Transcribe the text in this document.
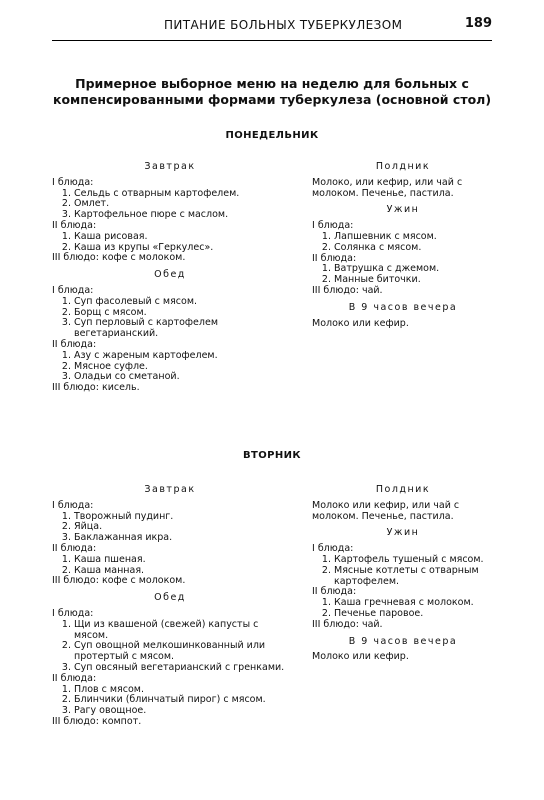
ПИТАНИЕ БОЛЬНЫХ ТУБЕРКУЛЕЗОМ	189
Примерное выборное меню на неделю для больных с компенсированными формами туберкулеза (основной стол)
ПОНЕДЕЛЬНИК
Завтрак
I блюда:
1. Сельдь с отварным картофелем.
2. Омлет.
3. Картофельное пюре с маслом.
II блюда:
1. Каша рисовая.
2. Каша из крупы «Геркулес».
III блюдо: кофе с молоком.
Обед
I блюда:
1. Суп фасолевый с мясом.
2. Борщ с мясом.
3. Суп перловый с картофелем вегетарианский.
II блюда:
1. Азу с жареным картофелем.
2. Мясное суфле.
3. Оладьи со сметаной.
III блюдо: кисель.
Полдник
Молоко, или кефир, или чай с молоком. Печенье, пастила.
Ужин
I блюда:
1. Лапшевник с мясом.
2. Солянка с мясом.
II блюда:
1. Ватрушка с джемом.
2. Манные биточки.
III блюдо: чай.
В 9 часов вечера
Молоко или кефир.
ВТОРНИК
Завтрак
I блюда:
1. Творожный пудинг.
2. Яйца.
3. Баклажанная икра.
II блюда:
1. Каша пшеная.
2. Каша манная.
III блюдо: кофе с молоком.
Обед
I блюда:
1. Щи из квашеной (свежей) капусты с мясом.
2. Суп овощной мелкошинкованный или протертый с мясом.
3. Суп овсяный вегетарианский с гренками.
II блюда:
1. Плов с мясом.
2. Блинчики (блинчатый пирог) с мясом.
3. Рагу овощное.
III блюдо: компот.
Полдник
Молоко или кефир, или чай с молоком. Печенье, пастила.
Ужин
I блюда:
1. Картофель тушеный с мясом.
2. Мясные котлеты с отварным картофелем.
II блюда:
1. Каша гречневая с молоком.
2. Печенье паровое.
III блюдо: чай.
В 9 часов вечера
Молоко или кефир.
